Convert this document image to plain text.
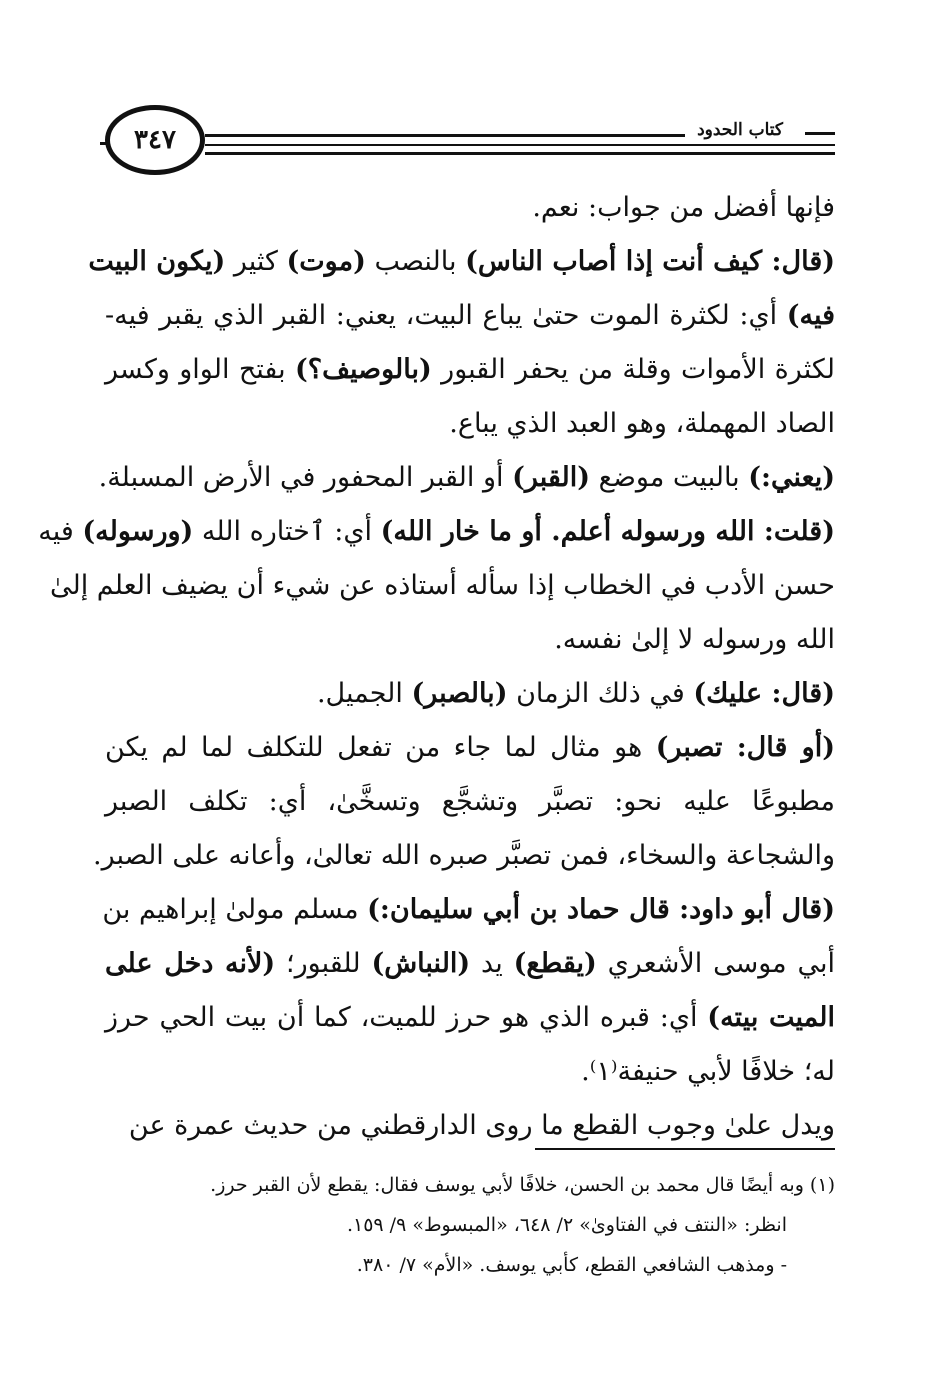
كتاب الحدود
٣٤٧
فإنها أفضل من جواب: نعم.
(قال: كيف أنت إذا أصاب الناس) بالنصب (موت) كثير (يكون البيت
فيه) أي: لكثرة الموت حتىٰ يباع البيت، يعني: القبر الذي يقبر فيه-
لكثرة الأموات وقلة من يحفر القبور (بالوصيف؟) بفتح الواو وكسر
الصاد المهملة، وهو العبد الذي يباع.
(يعني:) بالبيت موضع (القبر) أو القبر المحفور في الأرض المسبلة.
(قلت: الله ورسوله أعلم. أو ما خار الله) أي: ٱختاره الله (ورسوله) فيه
حسن الأدب في الخطاب إذا سأله أستاذه عن شيء أن يضيف العلم إلىٰ
الله ورسوله لا إلىٰ نفسه.
(قال: عليك) في ذلك الزمان (بالصبر) الجميل.
(أو قال: تصبر) هو مثال لما جاء من تفعل للتكلف لما لم يكن
مطبوعًا عليه نحو: تصبَّر وتشجَّع وتسخَّىٰ، أي: تكلف الصبر
والشجاعة والسخاء، فمن تصبَّر صبره الله تعالىٰ، وأعانه على الصبر.
(قال أبو داود: قال حماد بن أبي سليمان:) مسلم مولىٰ إبراهيم بن
أبي موسى الأشعري (يقطع) يد (النباش) للقبور؛ (لأنه دخل على
الميت بيته) أي: قبره الذي هو حرز للميت، كما أن بيت الحي حرز
له؛ خلافًا لأبي حنيفة⁽١⁾.
ويدل علىٰ وجوب القطع ما روى الدارقطني من حديث عمرة عن
(١) وبه أيضًا قال محمد بن الحسن، خلافًا لأبي يوسف فقال: يقطع لأن القبر حرز.
انظر: «النتف في الفتاوىٰ» ٢/ ٦٤٨، «المبسوط» ٩/ ١٥٩.
- ومذهب الشافعي القطع، كأبي يوسف. «الأم» ٧/ ٣٨٠.
